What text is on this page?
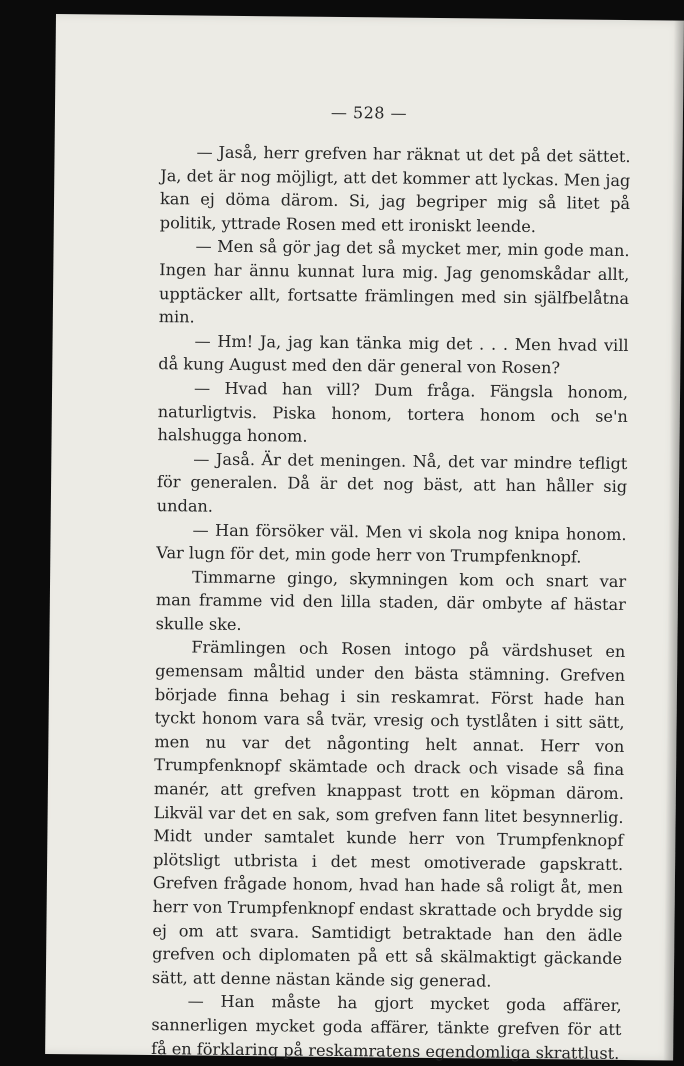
— 528 —

— Jaså, herr grefven har räknat ut det på det sättet. Ja, det är nog möjligt, att det kommer att lyckas. Men jag kan ej döma därom. Si, jag begriper mig så litet på politik, yttrade Rosen med ett ironiskt leende.

— Men så gör jag det så mycket mer, min gode man. Ingen har ännu kunnat lura mig. Jag genomskådar allt, upptäcker allt, fortsatte främlingen med sin själfbelåtna min.

— Hm! Ja, jag kan tänka mig det . . . Men hvad vill då kung August med den där general von Rosen?

— Hvad han vill? Dum fråga. Fängsla honom, naturligtvis. Piska honom, tortera honom och se'n halshugga honom.

— Jaså. Är det meningen. Nå, det var mindre tefligt för generalen. Då är det nog bäst, att han håller sig undan.

— Han försöker väl. Men vi skola nog knipa honom. Var lugn för det, min gode herr von Trumpfenknopf.

Timmarne gingo, skymningen kom och snart var man framme vid den lilla staden, där ombyte af hästar skulle ske.

Främlingen och Rosen intogo på värdshuset en gemensam måltid under den bästa stämning. Grefven började finna behag i sin reskamrat. Först hade han tyckt honom vara så tvär, vresig och tystlåten i sitt sätt, men nu var det någonting helt annat. Herr von Trumpfenknopf skämtade och drack och visade så fina manér, att grefven knappast trott en köpman därom. Likväl var det en sak, som grefven fann litet besynnerlig. Midt under samtalet kunde herr von Trumpfenknopf plötsligt utbrista i det mest omotiverade gapskratt. Grefven frågade honom, hvad han hade så roligt åt, men herr von Trumpfenknopf endast skrattade och brydde sig ej om att svara. Samtidigt betraktade han den ädle grefven och diplomaten på ett så skälmaktigt gäckande sätt, att denne nästan kände sig generad.

— Han måste ha gjort mycket goda affärer, sannerligen mycket goda affärer, tänkte grefven för att få en förklaring på reskamratens egendomliga skrattlust.
